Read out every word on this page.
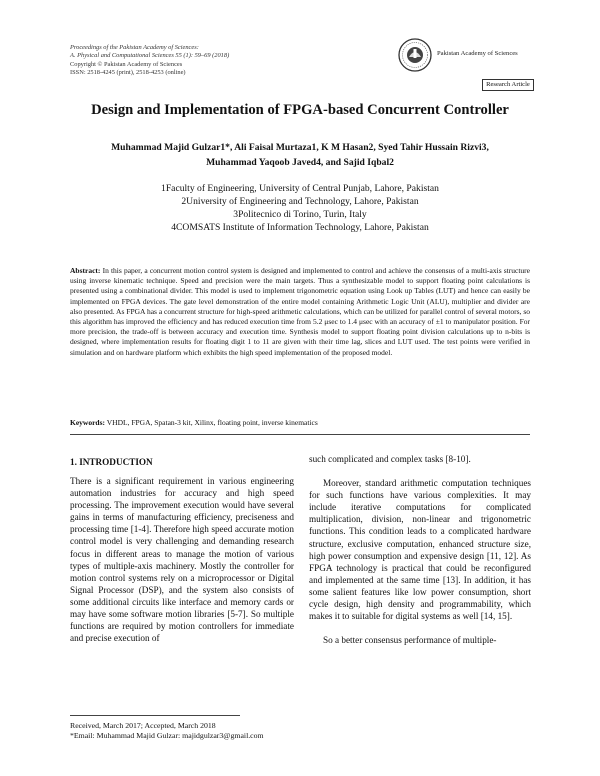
Proceedings of the Pakistan Academy of Sciences:
A. Physical and Computational Sciences 55 (1): 59–69 (2018)
Copyright © Pakistan Academy of Sciences
ISSN: 2518-4245 (print), 2518-4253 (online)
Pakistan Academy of Sciences
Research Article
Design and Implementation of FPGA-based Concurrent Controller
Muhammad Majid Gulzar1*, Ali Faisal Murtaza1, K M Hasan2, Syed Tahir Hussain Rizvi3,
Muhammad Yaqoob Javed4, and Sajid Iqbal2
1Faculty of Engineering, University of Central Punjab, Lahore, Pakistan
2University of Engineering and Technology, Lahore, Pakistan
3Politecnico di Torino, Turin, Italy
4COMSATS Institute of Information Technology, Lahore, Pakistan
Abstract: In this paper, a concurrent motion control system is designed and implemented to control and achieve the consensus of a multi-axis structure using inverse kinematic technique. Speed and precision were the main targets. Thus a synthesizable model to support floating point calculations is presented using a combinational divider. This model is used to implement trigonometric equation using Look up Tables (LUT) and hence can easily be implemented on FPGA devices. The gate level demonstration of the entire model containing Arithmetic Logic Unit (ALU), multiplier and divider are also presented. As FPGA has a concurrent structure for high-speed arithmetic calculations, which can be utilized for parallel control of several motors, so this algorithm has improved the efficiency and has reduced execution time from 5.2 μsec to 1.4 μsec with an accuracy of ±1 to manipulator position. For more precision, the trade-off is between accuracy and execution time. Synthesis model to support floating point division calculations up to n-bits is designed, where implementation results for floating digit 1 to 11 are given with their time lag, slices and LUT used. The test points were verified in simulation and on hardware platform which exhibits the high speed implementation of the proposed model.
Keywords: VHDL, FPGA, Spatan-3 kit, Xilinx, floating point, inverse kinematics
1. INTRODUCTION
There is a significant requirement in various engineering automation industries for accuracy and high speed processing. The improvement execution would have several gains in terms of manufacturing efficiency, preciseness and processing time [1-4]. Therefore high speed accurate motion control model is very challenging and demanding research focus in different areas to manage the motion of various types of multiple-axis machinery. Mostly the controller for motion control systems rely on a microprocessor or Digital Signal Processor (DSP), and the system also consists of some additional circuits like interface and memory cards or may have some software motion libraries [5-7]. So multiple functions are required by motion controllers for immediate and precise execution of

such complicated and complex tasks [8-10].

Moreover, standard arithmetic computation techniques for such functions have various complexities. It may include iterative computations for complicated multiplication, division, non-linear and trigonometric functions. This condition leads to a complicated hardware structure, exclusive computation, enhanced structure size, high power consumption and expensive design [11, 12]. As FPGA technology is practical that could be reconfigured and implemented at the same time [13]. In addition, it has some salient features like low power consumption, short cycle design, high density and programmability, which makes it to suitable for digital systems as well [14, 15].

So a better consensus performance of multiple-

Received, March 2017; Accepted, March 2018
*Email: Muhammad Majid Gulzar: majidgulzar3@gmail.com
